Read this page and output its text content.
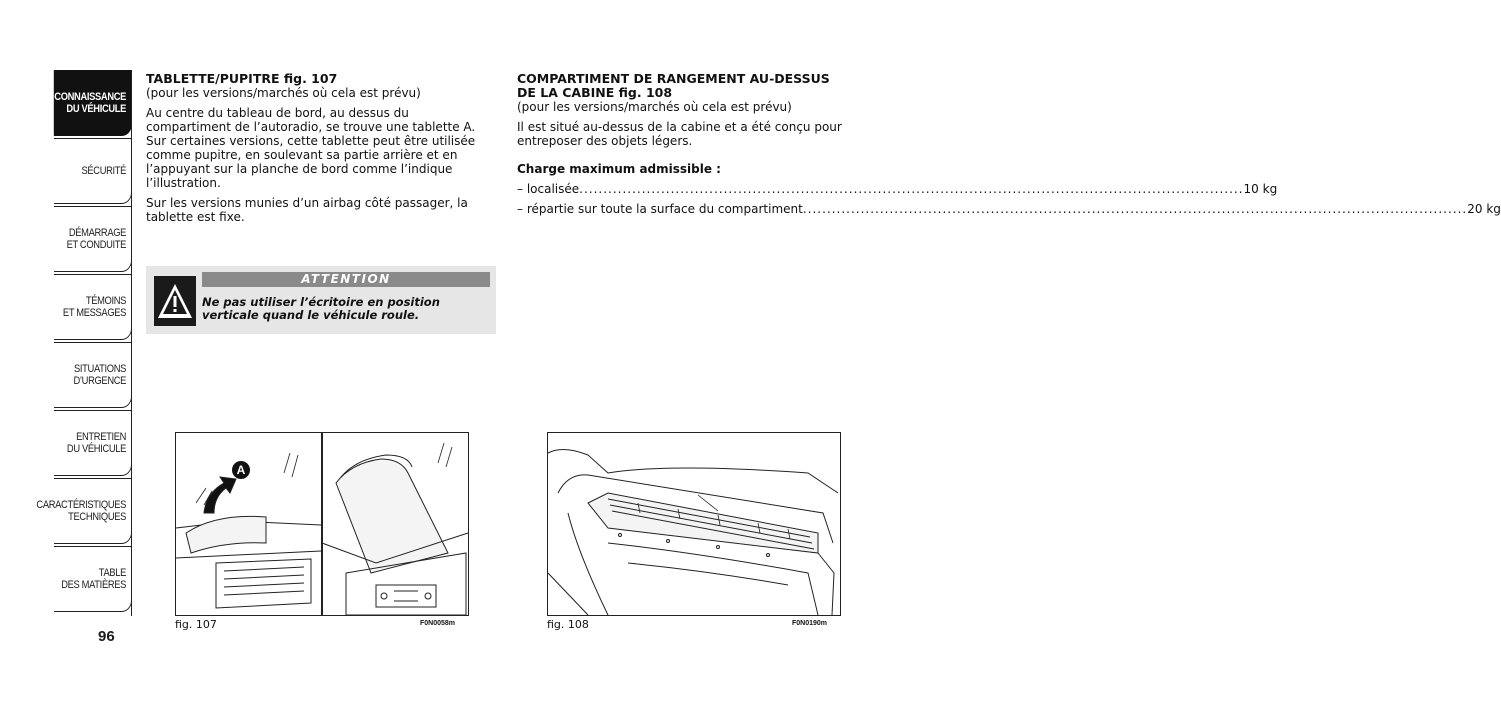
CONNAISSANCE
DU VÉHICULE
SÉCURITÉ
DÉMARRAGE
ET CONDUITE
TÉMOINS
ET MESSAGES
SITUATIONS
D’URGENCE
ENTRETIEN
DU VÉHICULE
CARACTÉRISTIQUES
TECHNIQUES
TABLE
DES MATIÈRES
96
TABLETTE/PUPITRE fig. 107

(pour les versions/marchés où cela est prévu)

Au centre du tableau de bord, au dessus du compartiment de l’autoradio, se trouve une tablette A. Sur certaines versions, cette tablette peut être utilisée comme pupitre, en soulevant sa partie arrière et en l’appuyant sur la planche de bord comme l’indique l’illustration.

Sur les versions munies d’un airbag côté passager, la tablette est fixe.

ATTENTION
Ne pas utiliser l’écritoire en position verticale quand le véhicule roule.
COMPARTIMENT DE RANGEMENT AU-DESSUS
DE LA CABINE fig. 108

(pour les versions/marchés où cela est prévu)

Il est situé au-dessus de la cabine et a été conçu pour entreposer des objets légers.

Charge maximum admissible :

– localisée .......................................................................................................................................... 10 kg
– répartie sur toute la surface du compartiment .......................................................................................................................................... 20 kg
A
fig. 107	F0N0058m	fig. 108	F0N0190m
